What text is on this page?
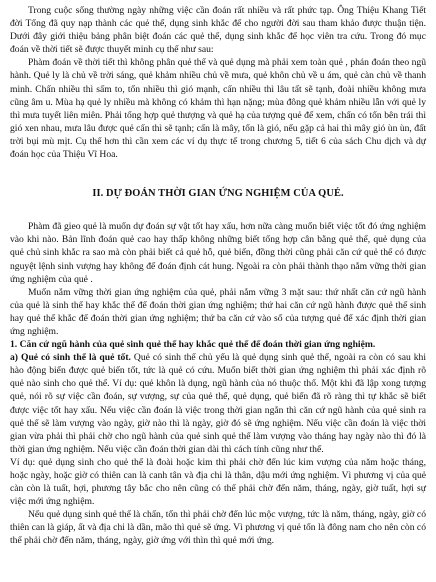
Trong cuộc sống thường ngày những việc cần đoán rất nhiều và rất phức tạp. Ông Thiệu Khang Tiết đời Tống đã quy nạp thành các quẻ thể, dụng sinh khắc để cho người đời sau tham khảo được thuận tiện. Dưới đây giới thiệu bảng phân biệt đoán các quẻ thể, dụng sinh khắc để học viên tra cứu. Trong đó mục đoán về thời tiết sẽ được thuyết minh cụ thể như sau:

Phàm đoán về thời tiết thì không phân quẻ thể và quẻ dụng mà phải xem toàn quẻ , phán đoán theo ngũ hành. Quẻ ly là chủ về trời sáng, quẻ khảm nhiều chủ về mưa, quẻ khôn chủ về u ám, quẻ càn chủ về thanh minh. Chấn nhiều thì sấm to, tốn nhiều thì gió mạnh, cấn nhiều thì lâu tất sẽ tạnh, đoài nhiều không mưa cũng âm u. Mùa hạ quẻ ly nhiều mà không có khảm thì hạn nặng; mùa đông quẻ khảm nhiều lẫn với quẻ ly thì mưa tuyết liên miên. Phải tổng hợp quẻ thượng và quẻ hạ của tượng quẻ để xem, chấn có tốn bên trái thì gió xen nhau, mưa lâu được quẻ cấn thì sẽ tạnh; cấn là mây, tốn là gió, nếu gặp cả hai thì mây gió ùn ùn, đất trời bụi mù mịt. Cụ thể hơn thì cần xem các ví dụ thực tế trong chương 5, tiết 6 của sách Chu dịch và dự đoán học của Thiệu Vĩ Hoa.

II. DỰ ĐOÁN THỜI GIAN ỨNG NGHIỆM CỦA QUẺ.

Phàm đã gieo quẻ là muốn dự đoán sự vật tốt hay xấu, hơn nữa càng muốn biết việc tốt đó ứng nghiệm vào khi nào. Bản lĩnh đoán quẻ cao hay thấp không những biết tổng hợp cân bằng quẻ thể, quẻ dụng của quẻ chủ sinh khắc ra sao mà còn phải biết cả quẻ hỗ, quẻ biến, đồng thời cũng phải căn cứ quẻ thể có được nguyệt lệnh sinh vượng hay không để đoán định cát hung. Ngoài ra còn phải thành thạo nắm vững thời gian ứng nghiệm của quẻ .

Muốn nắm vững thời gian ứng nghiệm của quẻ, phải nắm vững 3 mặt sau: thứ nhất căn cứ ngũ hành của quẻ là sinh thể hay khắc thể để đoán thời gian ứng nghiệm; thứ hai căn cứ ngũ hành được quẻ thể sinh hay quẻ thể khắc để đoán thời gian ứng nghiệm; thứ ba căn cứ vào số của tượng quẻ để xác định thời gian ứng nghiệm.

1. Căn cứ ngũ hành của quẻ sinh quẻ thể hay khắc quẻ thể để đoán thời gian ứng nghiệm.

a) Quẻ có sinh thể là quẻ tốt. Quẻ có sinh thể chủ yếu là quẻ dụng sinh quẻ thể, ngoài ra còn có sau khi hào động biến được quẻ biến tốt, tức là quẻ có cứu. Muốn biết thời gian ứng nghiệm thì phải xác định rõ quẻ nào sinh cho quẻ thể. Ví dụ: quẻ khôn là dụng, ngũ hành của nó thuộc thổ. Một khi đã lập xong tượng quẻ, nói rõ sự việc cần đoán, sự vượng, sự của quẻ thể, quẻ dụng, quẻ biến đã rõ ràng thì tự khắc sẽ biết được việc tốt hay xấu. Nếu việc cần đoán là việc trong thời gian ngắn thì căn cứ ngũ hành của quẻ sinh ra quẻ thể sẽ làm vượng vào ngày, giờ nào thì là ngày, giờ đó sẽ ứng nghiệm. Nếu việc cần đoán là việc thời gian vừa phải thì phải chờ cho ngũ hành của quẻ sinh quẻ thể làm vượng vào tháng hay ngày nào thì đó là thời gian ứng nghiệm. Nếu việc cần đoán thời gian dài thì cách tính cũng như thế.

Ví dụ: quẻ dụng sinh cho quẻ thể là đoài hoặc kim thì phải chờ đến lúc kim vượng của năm hoặc tháng, hoặc ngày, hoặc giờ có thiên can là canh tân và địa chi là thân, dậu mới ứng nghiệm. Vì phương vị của quẻ càn còn là tuất, hợi, phương tây bắc cho nên cũng có thể phải chờ đến năm, tháng, ngày, giờ tuất, hợi sự việc mới ứng nghiệm.

Nếu quẻ dụng sinh quẻ thể là chấn, tốn thì phải chờ đến lúc mộc vượng, tức là năm, tháng, ngày, giờ có thiên can là giáp, ất và địa chi là dần, mão thì quẻ sẽ ứng. Vì phương vị quẻ tốn là đông nam cho nên còn có thể phải chờ đến năm, tháng, ngày, giờ ứng với thìn thì quẻ mới ứng.
